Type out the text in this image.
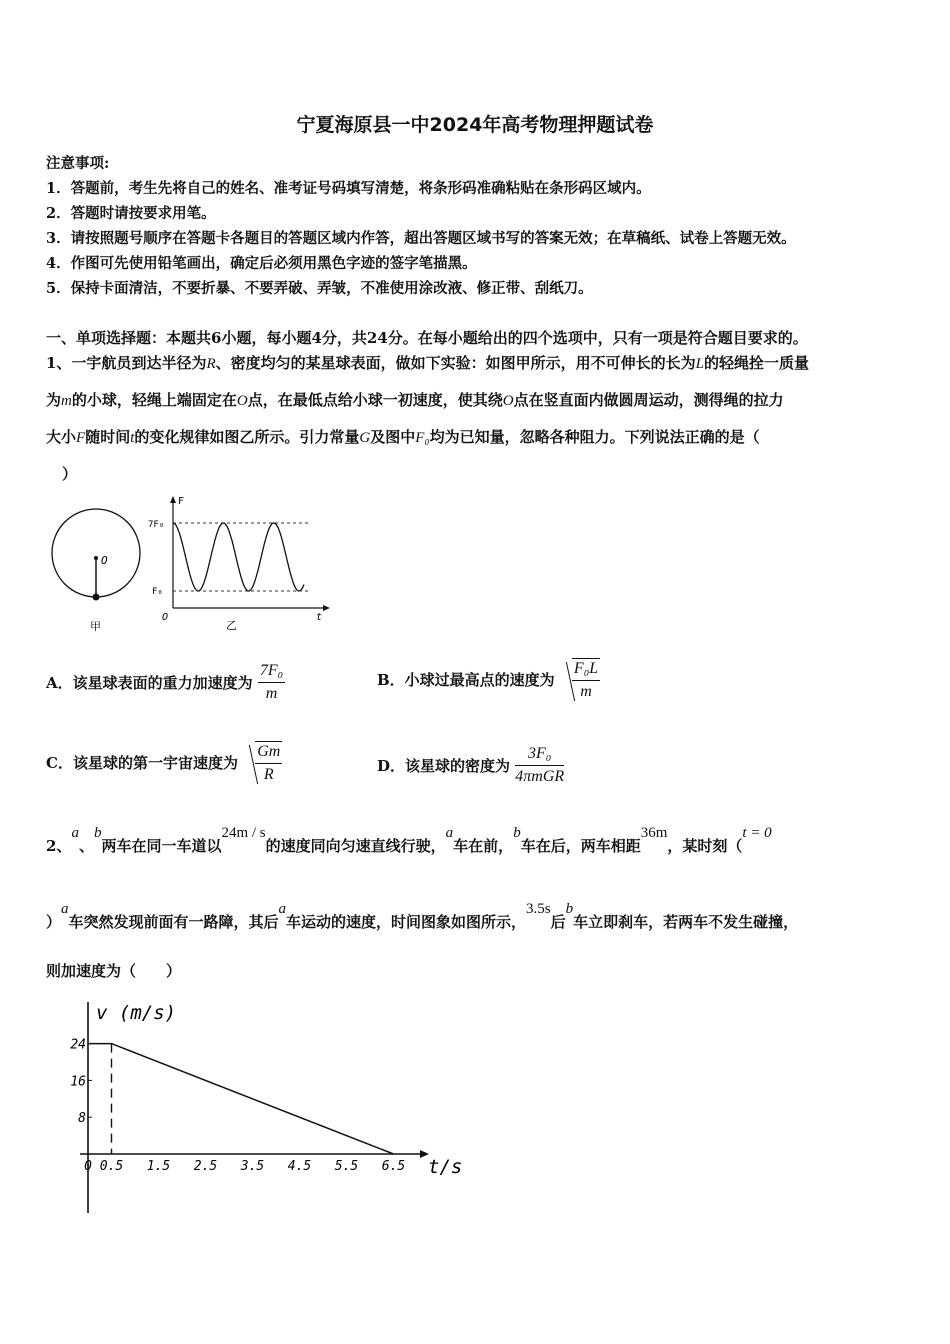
宁夏海原县一中2024年高考物理押题试卷
注意事项:
1．答题前，考生先将自己的姓名、准考证号码填写清楚，将条形码准确粘贴在条形码区域内。
2．答题时请按要求用笔。
3．请按照题号顺序在答题卡各题目的答题区域内作答，超出答题区域书写的答案无效；在草稿纸、试卷上答题无效。
4．作图可先使用铅笔画出，确定后必须用黑色字迹的签字笔描黑。
5．保持卡面清洁，不要折暴、不要弄破、弄皱，不准使用涂改液、修正带、刮纸刀。
一、单项选择题：本题共6小题，每小题4分，共24分。在每小题给出的四个选项中，只有一项是符合题目要求的。
1、一宇航员到达半径为R、密度均匀的某星球表面，做如下实验：如图甲所示，用不可伸长的长为L的轻绳拴一质量
为m的小球，轻绳上端固定在O点，在最低点给小球一初速度，使其绕O点在竖直面内做圆周运动，测得绳的拉力
大小F随时间t的变化规律如图乙所示。引力常量G及图中F₀均为已知量，忽略各种阻力。下列说法正确的是（
）
O
甲
F
t
O
7F₀
F₀
乙
A．该星球表面的重力加速度为 $\frac{\text{7F₀}}{m}$	B．小球过最高点的速度为 $\frac{\text{F₀L}}{m}$
C．该星球的第一宇宙速度为 $\frac{Gm}{R}$	D．该星球的密度为 $\frac{\text{3F₀}}{\text{4πmGR}}$
2、a、b两车在同一车道以24m / s的速度同向匀速直线行驶，a车在前，b车在后，两车相距36m，某时刻（t = 0
）a车突然发现前面有一路障，其后a车运动的速度，时间图象如图所示，3.5s后b车立即刹车，若两车不发生碰撞，
则加速度为（　　）
v (m/s)
t/s
24
16
8
0 0.5 1.5 2.5 3.5 4.5 5.5 6.5
